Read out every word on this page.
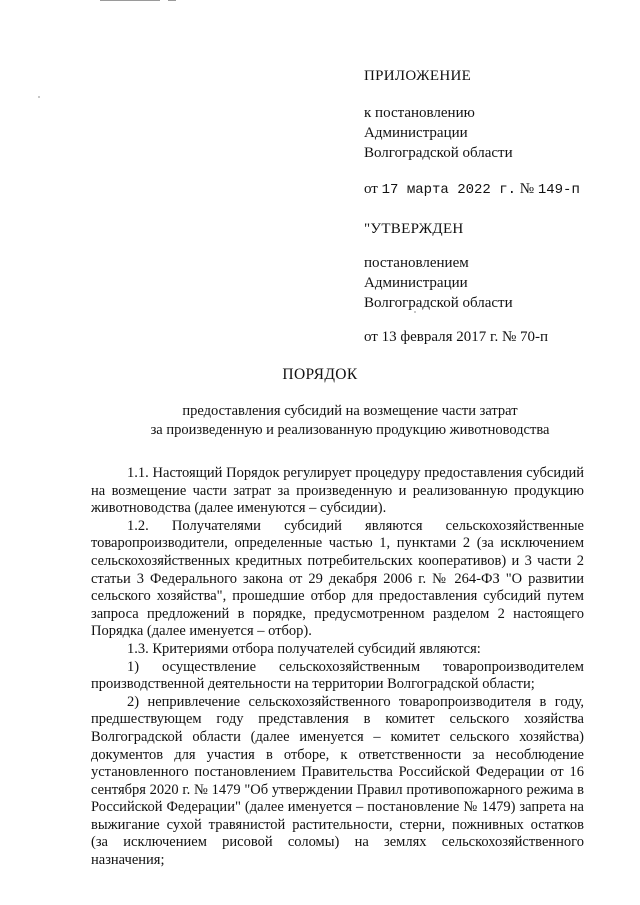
ПРИЛОЖЕНИЕ
к постановлению
Администрации
Волгоградской области
от 17 марта 2022 г. № 149-п
"УТВЕРЖДЕН
постановлением
Администрации
Волгоградской области
от 13 февраля 2017 г. № 70-п
ПОРЯДОК
предоставления субсидий на возмещение части затрат
за произведенную и реализованную продукцию животноводства

1.1. Настоящий Порядок регулирует процедуру предоставления субсидий на возмещение части затрат за произведенную и реализованную продукцию животноводства (далее именуются – субсидии).

1.2. Получателями субсидий являются сельскохозяйственные товаропроизводители, определенные частью 1, пунктами 2 (за исключением сельскохозяйственных кредитных потребительских кооперативов) и 3 части 2 статьи 3 Федерального закона от 29 декабря 2006 г. № 264-ФЗ "О развитии сельского хозяйства", прошедшие отбор для предоставления субсидий путем запроса предложений в порядке, предусмотренном разделом 2 настоящего Порядка (далее именуется – отбор).

1.3. Критериями отбора получателей субсидий являются:

1) осуществление сельскохозяйственным товаропроизводителем производственной деятельности на территории Волгоградской области;

2) непривлечение сельскохозяйственного товаропроизводителя в году, предшествующем году представления в комитет сельского хозяйства Волгоградской области (далее именуется – комитет сельского хозяйства) документов для участия в отборе, к ответственности за несоблюдение установленного постановлением Правительства Российской Федерации от 16 сентября 2020 г. № 1479 "Об утверждении Правил противопожарного режима в Российской Федерации" (далее именуется – постановление № 1479) запрета на выжигание сухой травянистой растительности, стерни, пожнивных остатков (за исключением рисовой соломы) на землях сельскохозяйственного назначения;
